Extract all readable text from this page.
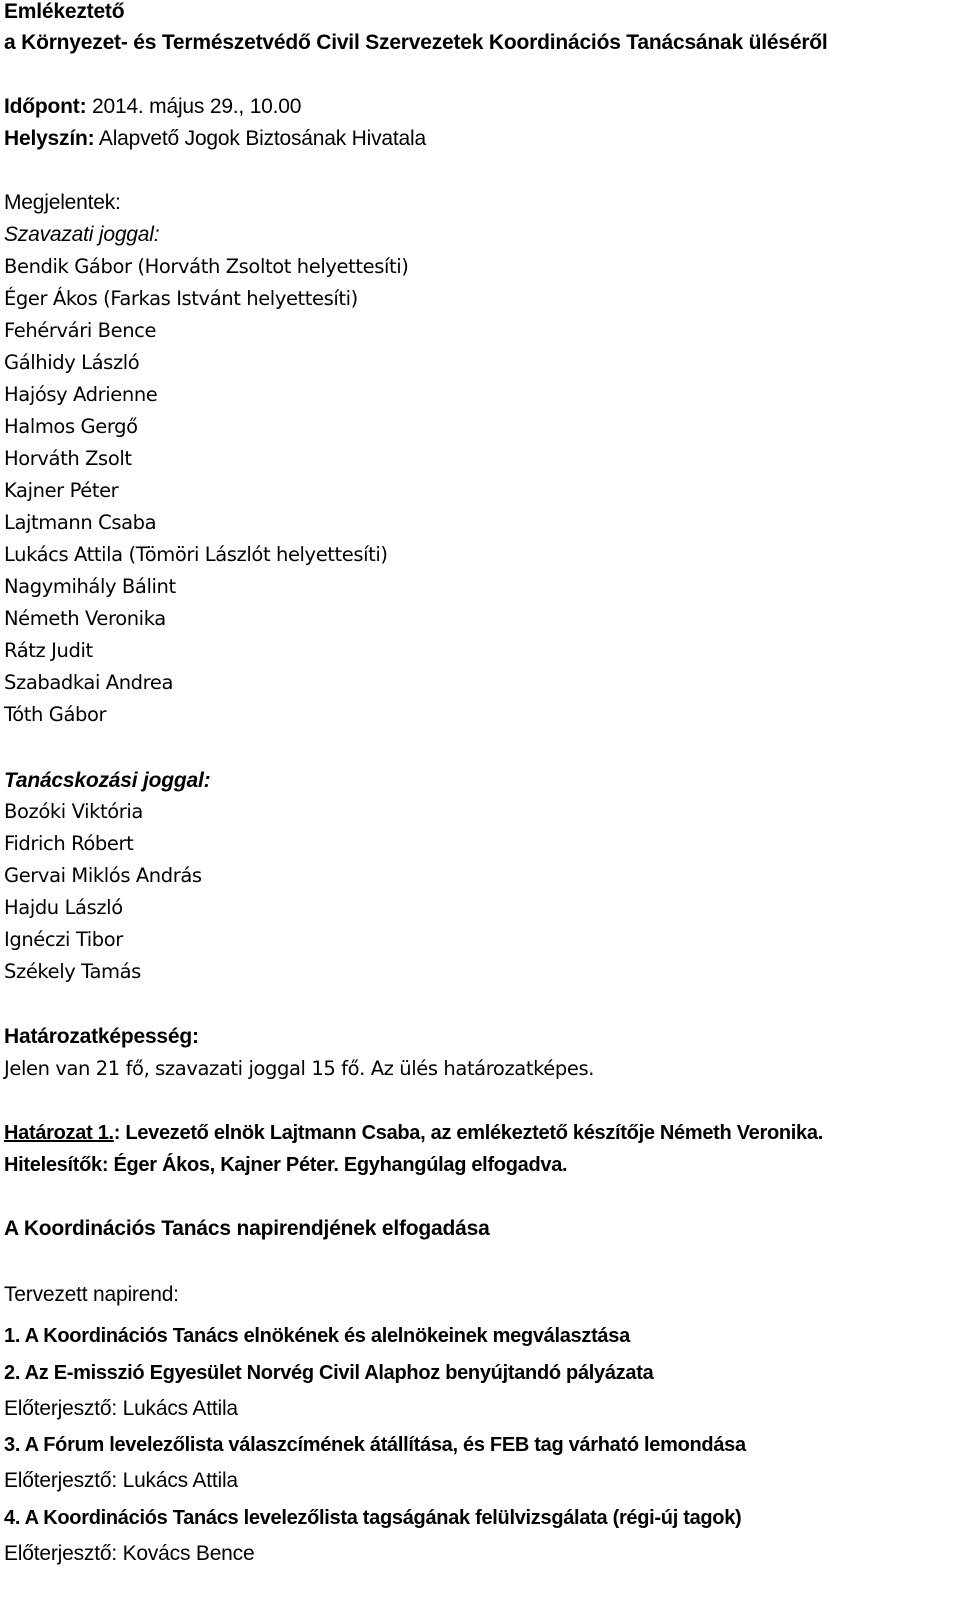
Emlékeztető
a Környezet- és Természetvédő Civil Szervezetek Koordinációs Tanácsának üléséről
Időpont: 2014. május 29., 10.00
Helyszín: Alapvető Jogok Biztosának Hivatala
Megjelentek:
Szavazati joggal:
Bendik Gábor (Horváth Zsoltot helyettesíti)
Éger Ákos (Farkas Istvánt helyettesíti)
Fehérvári Bence
Gálhidy László
Hajósy Adrienne
Halmos Gergő
Horváth Zsolt
Kajner Péter
Lajtmann Csaba
Lukács Attila (Tömöri Lászlót helyettesíti)
Nagymihály Bálint
Németh Veronika
Rátz Judit
Szabadkai Andrea
Tóth Gábor
Tanácskozási joggal:
Bozóki Viktória
Fidrich Róbert
Gervai Miklós András
Hajdu László
Ignéczi Tibor
Székely Tamás
Határozatképesség:
Jelen van 21 fő, szavazati joggal 15 fő. Az ülés határozatképes.
Határozat 1.: Levezető elnök Lajtmann Csaba, az emlékeztető készítője Németh Veronika.
Hitelesítők: Éger Ákos, Kajner Péter. Egyhangúlag elfogadva.
A Koordinációs Tanács napirendjének elfogadása
Tervezett napirend:
1. A Koordinációs Tanács elnökének és alelnökeinek megválasztása
2. Az E-misszió Egyesület Norvég Civil Alaphoz benyújtandó pályázata
Előterjesztő: Lukács Attila
3. A Fórum levelezőlista válaszcímének átállítása, és FEB tag várható lemondása
Előterjesztő: Lukács Attila
4. A Koordinációs Tanács levelezőlista tagságának felülvizsgálata (régi-új tagok)
Előterjesztő: Kovács Bence
